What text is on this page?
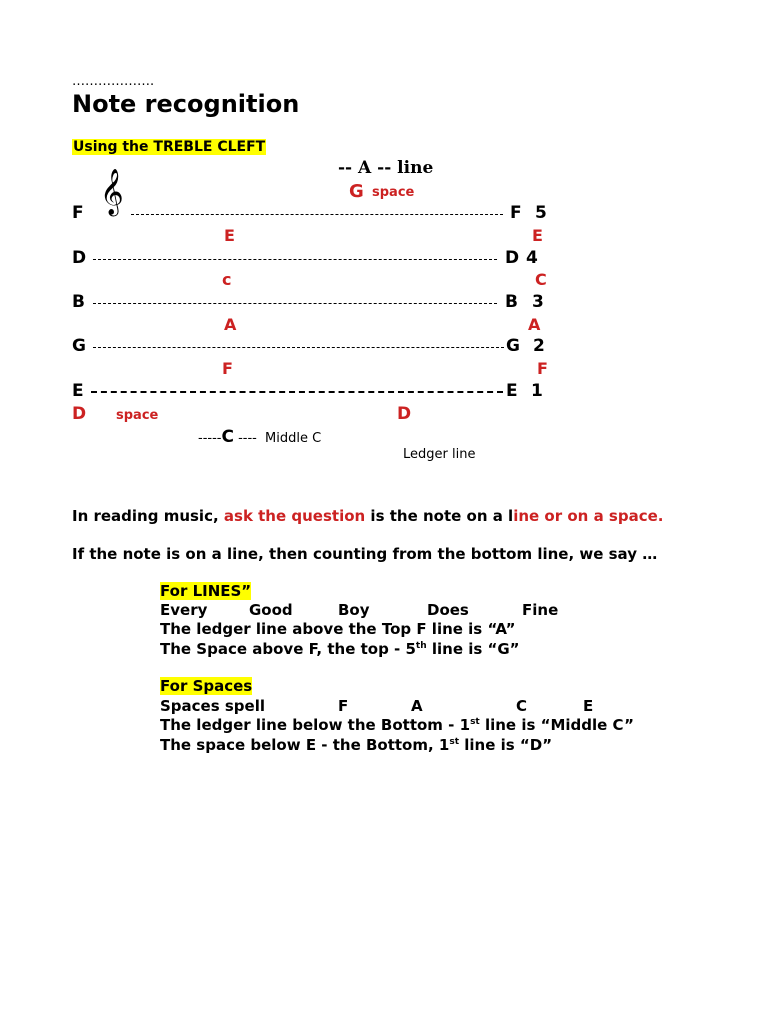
……………….
Note recognition
Using the TREBLE CLEFT
-- A -- line
G space
𝄞
F	F 5
E	E
D	D 4
c	C
B	B 3
A	A
G	G 2
F	F
E	E 1
D space	D
-----C ---- Middle C
Ledger line
In reading music, ask the question is the note on a line or on a space.
If the note is on a line, then counting from the bottom line, we say …
For LINES”
Every	Good	Boy	Does	Fine
The ledger line above the Top F line is “A”
The Space above F, the top - 5th line is “G”
For Spaces
Spaces spell	F	A	C	E
The ledger line below the Bottom - 1st line is “Middle C”
The space below E - the Bottom, 1st line is “D”
